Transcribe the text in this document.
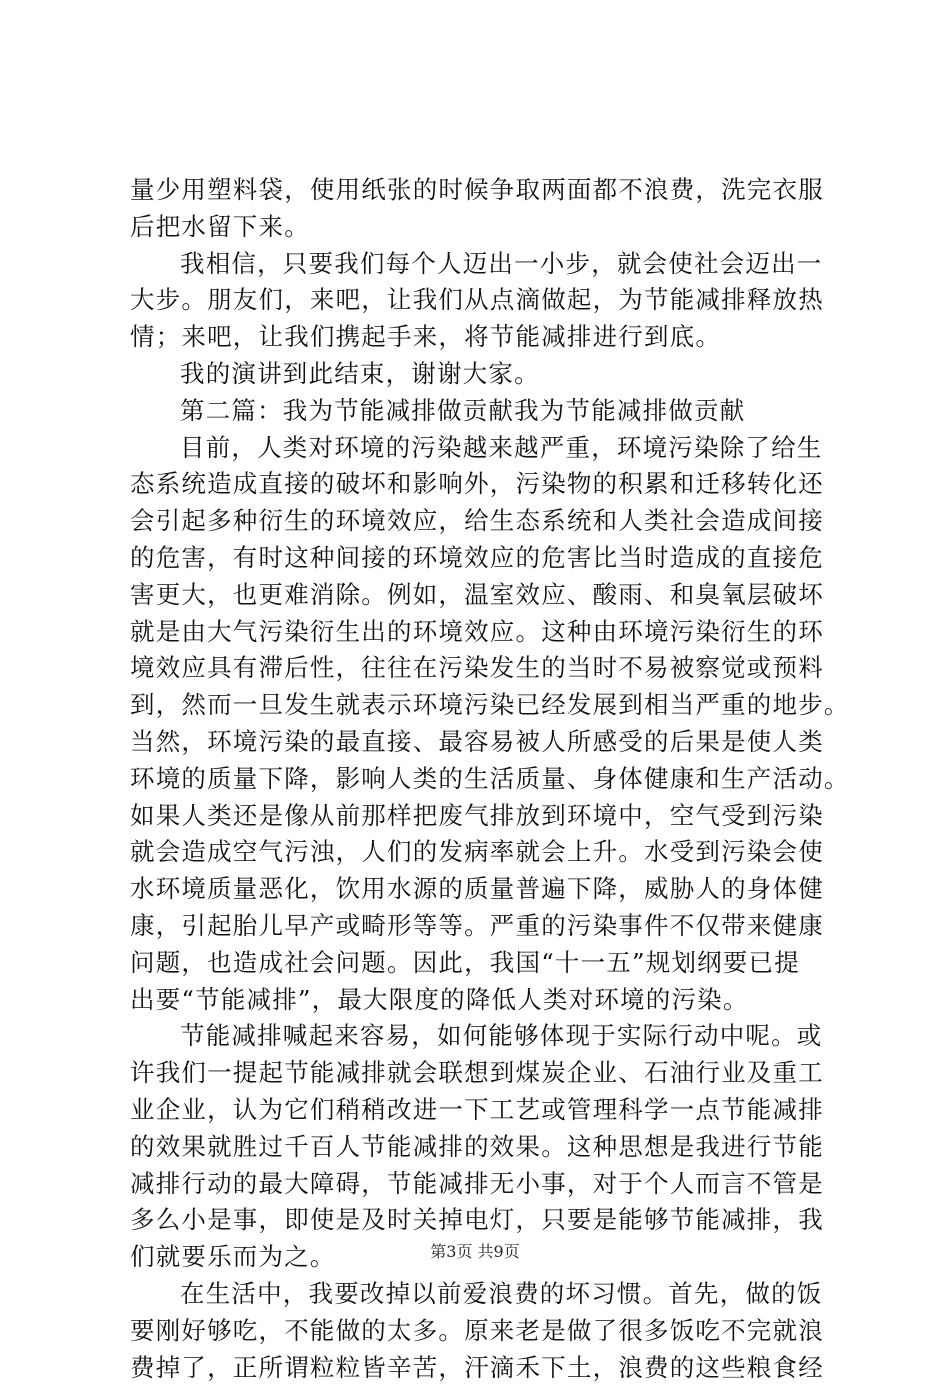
量少用塑料袋，使用纸张的时候争取两面都不浪费，洗完衣服
后把水留下来。
我相信，只要我们每个人迈出一小步，就会使社会迈出一
大步。朋友们，来吧，让我们从点滴做起，为节能减排释放热
情；来吧，让我们携起手来，将节能减排进行到底。
我的演讲到此结束，谢谢大家。
第二篇：我为节能减排做贡献我为节能减排做贡献
目前，人类对环境的污染越来越严重，环境污染除了给生
态系统造成直接的破坏和影响外，污染物的积累和迁移转化还
会引起多种衍生的环境效应，给生态系统和人类社会造成间接
的危害，有时这种间接的环境效应的危害比当时造成的直接危
害更大，也更难消除。例如，温室效应、酸雨、和臭氧层破坏
就是由大气污染衍生出的环境效应。这种由环境污染衍生的环
境效应具有滞后性，往往在污染发生的当时不易被察觉或预料
到，然而一旦发生就表示环境污染已经发展到相当严重的地步。
当然，环境污染的最直接、最容易被人所感受的后果是使人类
环境的质量下降，影响人类的生活质量、身体健康和生产活动。
如果人类还是像从前那样把废气排放到环境中，空气受到污染
就会造成空气污浊，人们的发病率就会上升。水受到污染会使
水环境质量恶化，饮用水源的质量普遍下降，威胁人的身体健
康，引起胎儿早产或畸形等等。严重的污染事件不仅带来健康
问题，也造成社会问题。因此，我国“十一五”规划纲要已提
出要“节能减排”，最大限度的降低人类对环境的污染。
节能减排喊起来容易，如何能够体现于实际行动中呢。或
许我们一提起节能减排就会联想到煤炭企业、石油行业及重工
业企业，认为它们稍稍改进一下工艺或管理科学一点节能减排
的效果就胜过千百人节能减排的效果。这种思想是我进行节能
减排行动的最大障碍，节能减排无小事，对于个人而言不管是
多么小是事，即使是及时关掉电灯，只要是能够节能减排，我
们就要乐而为之。
在生活中，我要改掉以前爱浪费的坏习惯。首先，做的饭
要刚好够吃，不能做的太多。原来老是做了很多饭吃不完就浪
费掉了，正所谓粒粒皆辛苦，汗滴禾下土，浪费的这些粮食经
第3页 共9页
